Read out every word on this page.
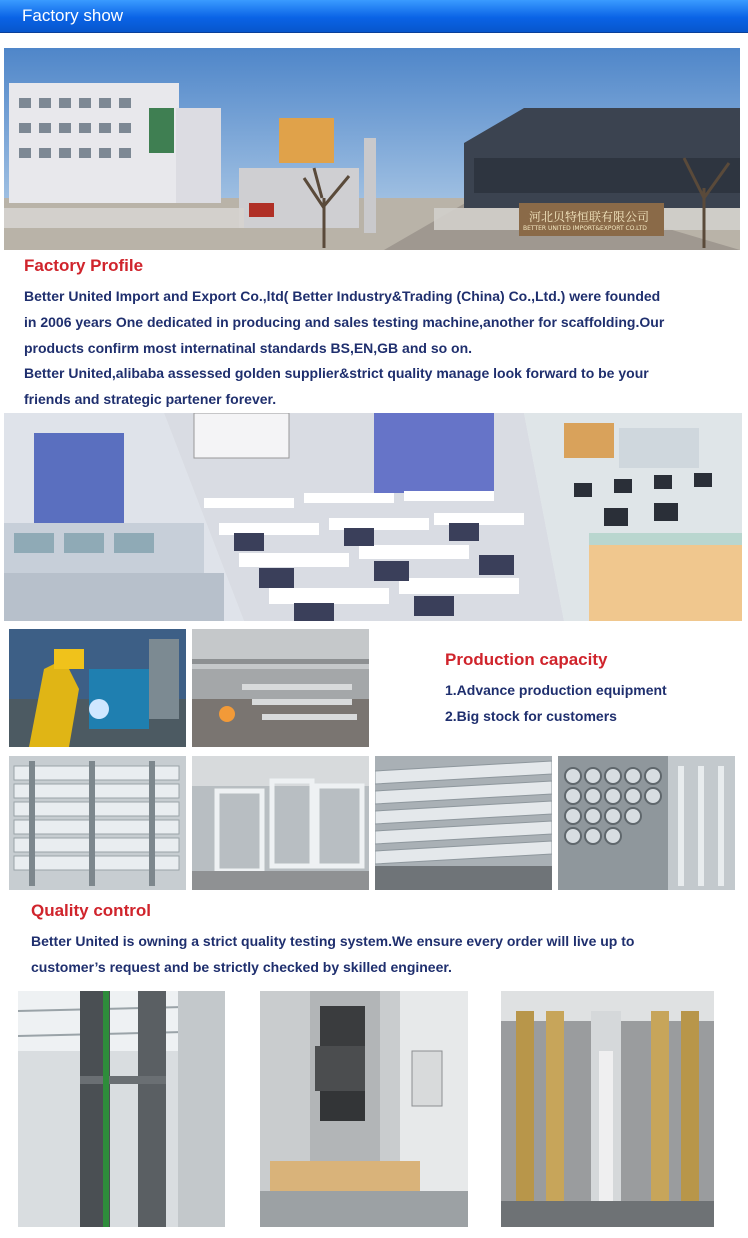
Factory show
河北贝特恒联有限公司
BETTER UNITED IMPORT&EXPORT CO.LTD
Factory Profile
Better United Import and Export Co.,ltd( Better Industry&Trading (China) Co.,Ltd.) were founded
in 2006 years One dedicated in producing and sales testing machine,another for scaffolding.Our
products confirm most internatinal standards BS,EN,GB and so on.
Better United,alibaba assessed golden supplier&strict quality manage look forward to be your
friends and strategic partener forever.
Production capacity
1.Advance production equipment
2.Big stock for customers
Quality control
Better United is owning a strict quality testing system.We ensure every order will live up to
customer’s request and be strictly checked by skilled engineer.
